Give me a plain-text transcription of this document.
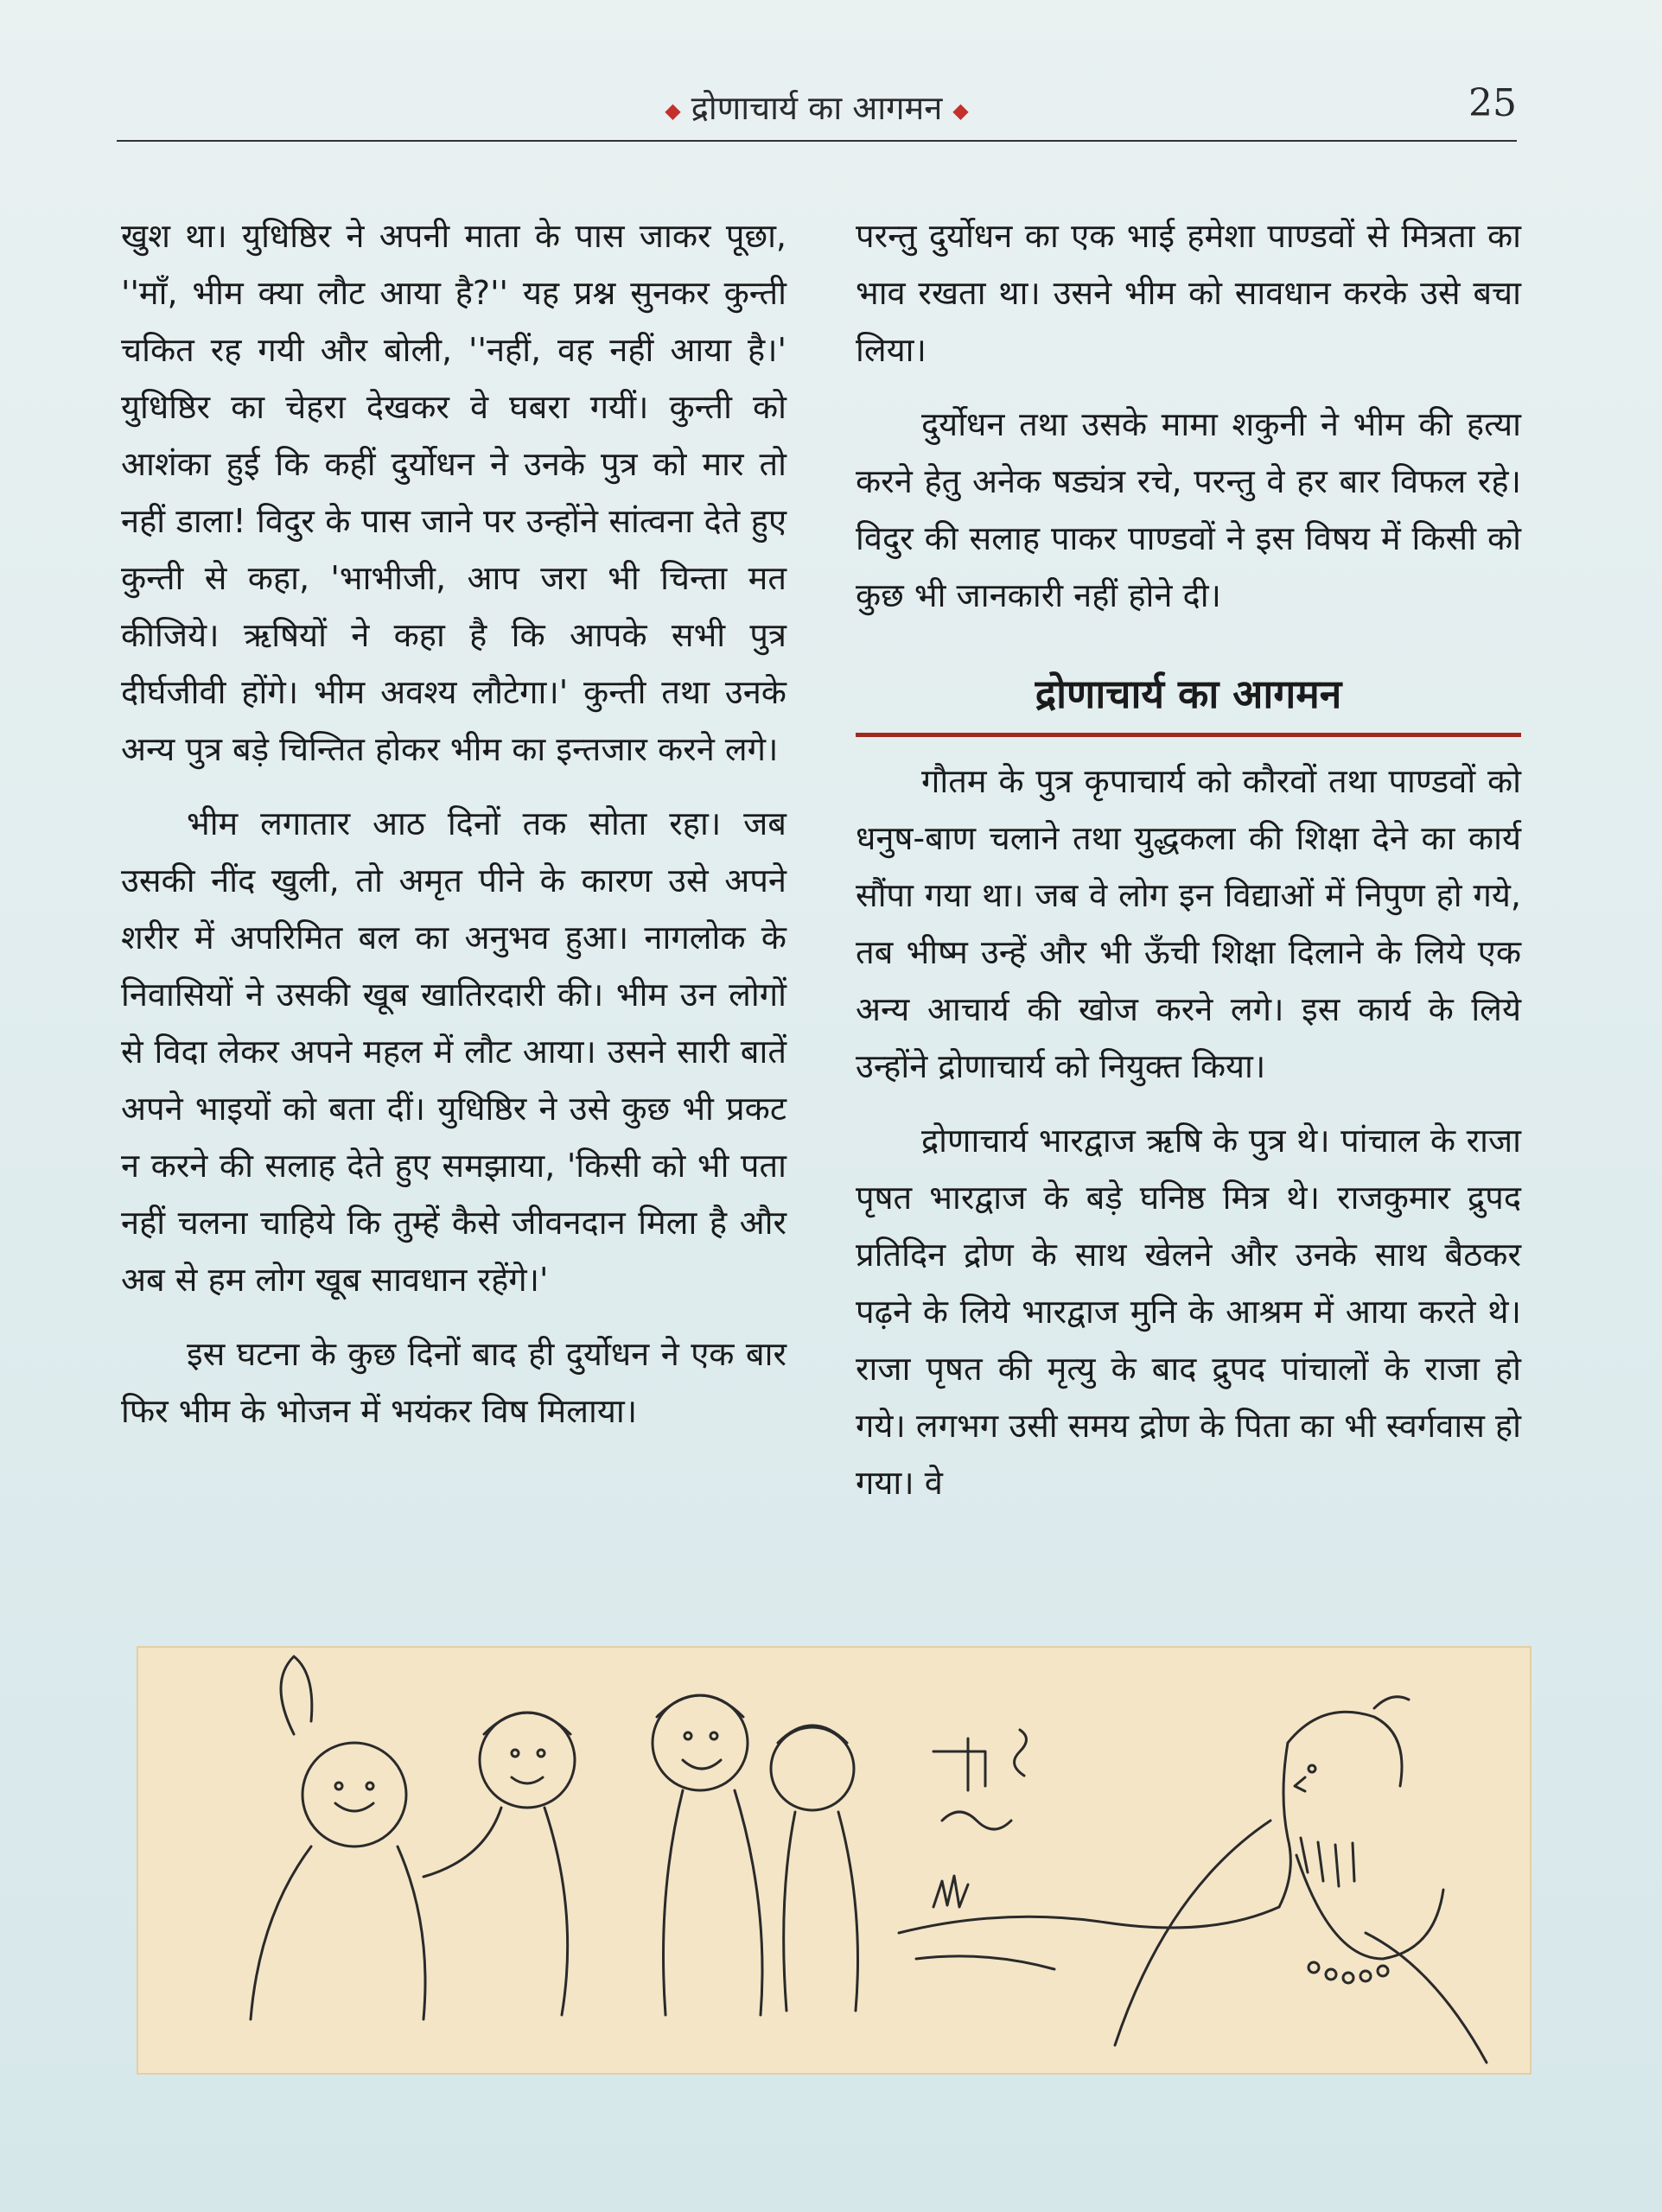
◆ द्रोणाचार्य का आगमन ◆	25

खुश था। युधिष्ठिर ने अपनी माता के पास जाकर पूछा, ''माँ, भीम क्या लौट आया है?'' यह प्रश्न सुनकर कुन्ती चकित रह गयी और बोली, ''नहीं, वह नहीं आया है।' युधिष्ठिर का चेहरा देखकर वे घबरा गयीं। कुन्ती को आशंका हुई कि कहीं दुर्योधन ने उनके पुत्र को मार तो नहीं डाला! विदुर के पास जाने पर उन्होंने सांत्वना देते हुए कुन्ती से कहा, 'भाभीजी, आप जरा भी चिन्ता मत कीजिये। ऋषियों ने कहा है कि आपके सभी पुत्र दीर्घजीवी होंगे। भीम अवश्य लौटेगा।' कुन्ती तथा उनके अन्य पुत्र बड़े चिन्तित होकर भीम का इन्तजार करने लगे।

भीम लगातार आठ दिनों तक सोता रहा। जब उसकी नींद खुली, तो अमृत पीने के कारण उसे अपने शरीर में अपरिमित बल का अनुभव हुआ। नागलोक के निवासियों ने उसकी खूब खातिरदारी की। भीम उन लोगों से विदा लेकर अपने महल में लौट आया। उसने सारी बातें अपने भाइयों को बता दीं। युधिष्ठिर ने उसे कुछ भी प्रकट न करने की सलाह देते हुए समझाया, 'किसी को भी पता नहीं चलना चाहिये कि तुम्हें कैसे जीवनदान मिला है और अब से हम लोग खूब सावधान रहेंगे।'

इस घटना के कुछ दिनों बाद ही दुर्योधन ने एक बार फिर भीम के भोजन में भयंकर विष मिलाया।

परन्तु दुर्योधन का एक भाई हमेशा पाण्डवों से मित्रता का भाव रखता था। उसने भीम को सावधान करके उसे बचा लिया।

दुर्योधन तथा उसके मामा शकुनी ने भीम की हत्या करने हेतु अनेक षड्यंत्र रचे, परन्तु वे हर बार विफल रहे। विदुर की सलाह पाकर पाण्डवों ने इस विषय में किसी को कुछ भी जानकारी नहीं होने दी।

द्रोणाचार्य का आगमन

गौतम के पुत्र कृपाचार्य को कौरवों तथा पाण्डवों को धनुष-बाण चलाने तथा युद्धकला की शिक्षा देने का कार्य सौंपा गया था। जब वे लोग इन विद्याओं में निपुण हो गये, तब भीष्म उन्हें और भी ऊँची शिक्षा दिलाने के लिये एक अन्य आचार्य की खोज करने लगे। इस कार्य के लिये उन्होंने द्रोणाचार्य को नियुक्त किया।

द्रोणाचार्य भारद्वाज ऋषि के पुत्र थे। पांचाल के राजा पृषत भारद्वाज के बड़े घनिष्ठ मित्र थे। राजकुमार द्रुपद प्रतिदिन द्रोण के साथ खेलने और उनके साथ बैठकर पढ़ने के लिये भारद्वाज मुनि के आश्रम में आया करते थे। राजा पृषत की मृत्यु के बाद द्रुपद पांचालों के राजा हो गये। लगभग उसी समय द्रोण के पिता का भी स्वर्गवास हो गया। वे
